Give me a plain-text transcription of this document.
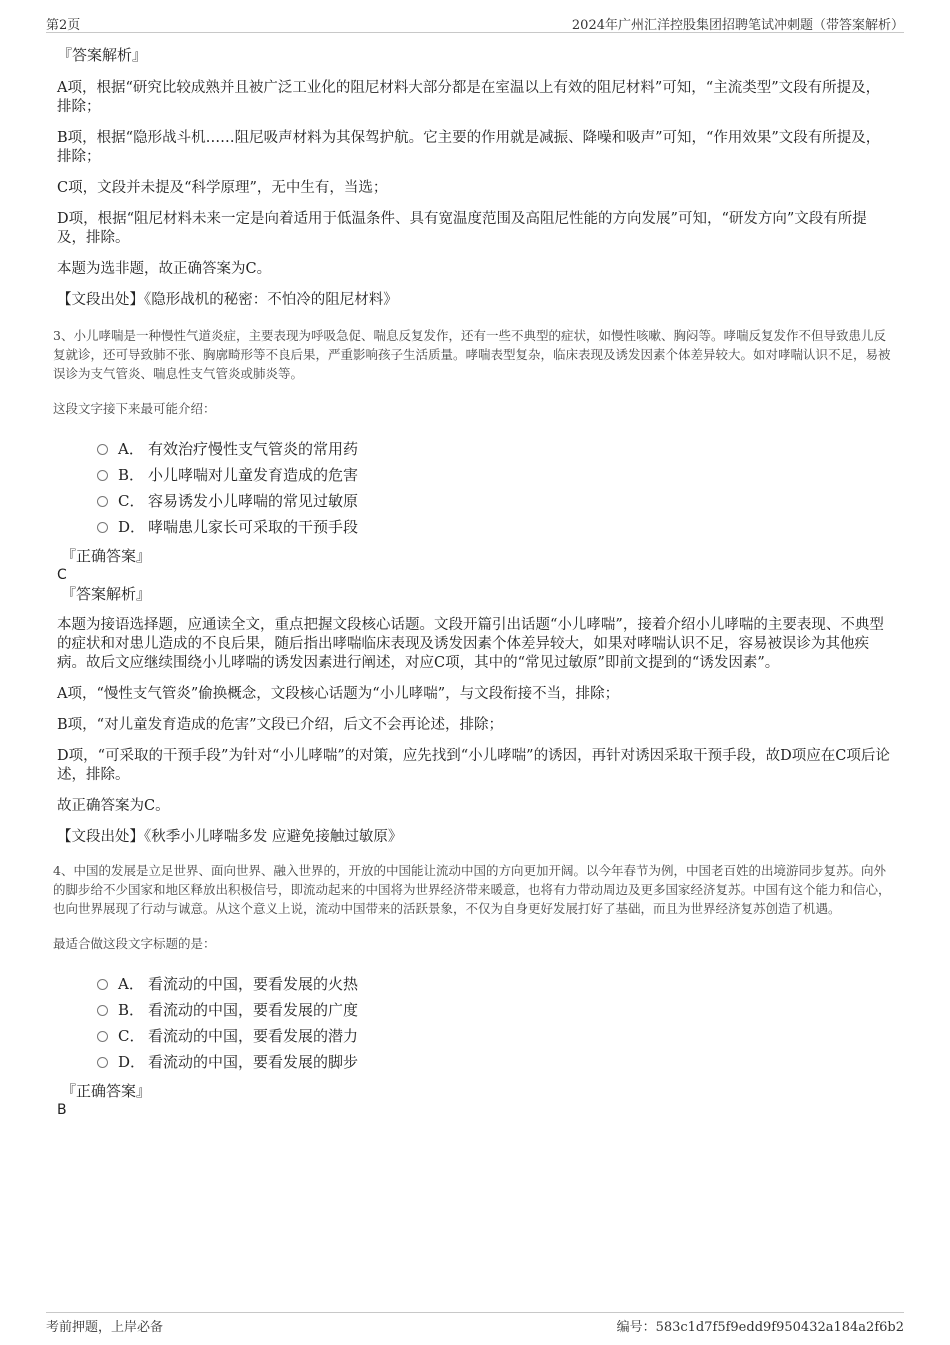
第2页	2024年广州汇洋控股集团招聘笔试冲刺题（带答案解析）
『答案解析』

A项，根据“研究比较成熟并且被广泛工业化的阻尼材料大部分都是在室温以上有效的阻尼材料”可知，“主流类型”文段有所提及，排除；

B项，根据“隐形战斗机……阻尼吸声材料为其保驾护航。它主要的作用就是减振、降噪和吸声”可知，“作用效果”文段有所提及，排除；

C项，文段并未提及“科学原理”，无中生有，当选；

D项，根据“阻尼材料未来一定是向着适用于低温条件、具有宽温度范围及高阻尼性能的方向发展”可知，“研发方向”文段有所提及，排除。

本题为选非题，故正确答案为C。

【文段出处】《隐形战机的秘密：不怕冷的阻尼材料》

3、小儿哮喘是一种慢性气道炎症，主要表现为呼吸急促、喘息反复发作，还有一些不典型的症状，如慢性咳嗽、胸闷等。哮喘反复发作不但导致患儿反复就诊，还可导致肺不张、胸廓畸形等不良后果，严重影响孩子生活质量。哮喘表型复杂，临床表现及诱发因素个体差异较大。如对哮喘认识不足，易被误诊为支气管炎、喘息性支气管炎或肺炎等。
这段文字接下来最可能介绍：
A． 有效治疗慢性支气管炎的常用药
B． 小儿哮喘对儿童发育造成的危害
C． 容易诱发小儿哮喘的常见过敏原
D． 哮喘患儿家长可采取的干预手段
『正确答案』
C
『答案解析』

本题为接语选择题，应通读全文，重点把握文段核心话题。文段开篇引出话题“小儿哮喘”，接着介绍小儿哮喘的主要表现、不典型的症状和对患儿造成的不良后果，随后指出哮喘临床表现及诱发因素个体差异较大，如果对哮喘认识不足，容易被误诊为其他疾病。故后文应继续围绕小儿哮喘的诱发因素进行阐述，对应C项，其中的“常见过敏原”即前文提到的“诱发因素”。

A项，“慢性支气管炎”偷换概念，文段核心话题为“小儿哮喘”，与文段衔接不当，排除；

B项，“对儿童发育造成的危害”文段已介绍，后文不会再论述，排除；

D项，“可采取的干预手段”为针对“小儿哮喘”的对策，应先找到“小儿哮喘”的诱因，再针对诱因采取干预手段，故D项应在C项后论述，排除。

故正确答案为C。

【文段出处】《秋季小儿哮喘多发 应避免接触过敏原》

4、中国的发展是立足世界、面向世界、融入世界的，开放的中国能让流动中国的方向更加开阔。以今年春节为例，中国老百姓的出境游同步复苏。向外的脚步给不少国家和地区释放出积极信号，即流动起来的中国将为世界经济带来暖意，也将有力带动周边及更多国家经济复苏。中国有这个能力和信心，也向世界展现了行动与诚意。从这个意义上说，流动中国带来的活跃景象，不仅为自身更好发展打好了基础，而且为世界经济复苏创造了机遇。
最适合做这段文字标题的是：
A． 看流动的中国，要看发展的火热
B． 看流动的中国，要看发展的广度
C． 看流动的中国，要看发展的潜力
D． 看流动的中国，要看发展的脚步
『正确答案』
B
考前押题，上岸必备	编号：583c1d7f5f9edd9f950432a184a2f6b2
